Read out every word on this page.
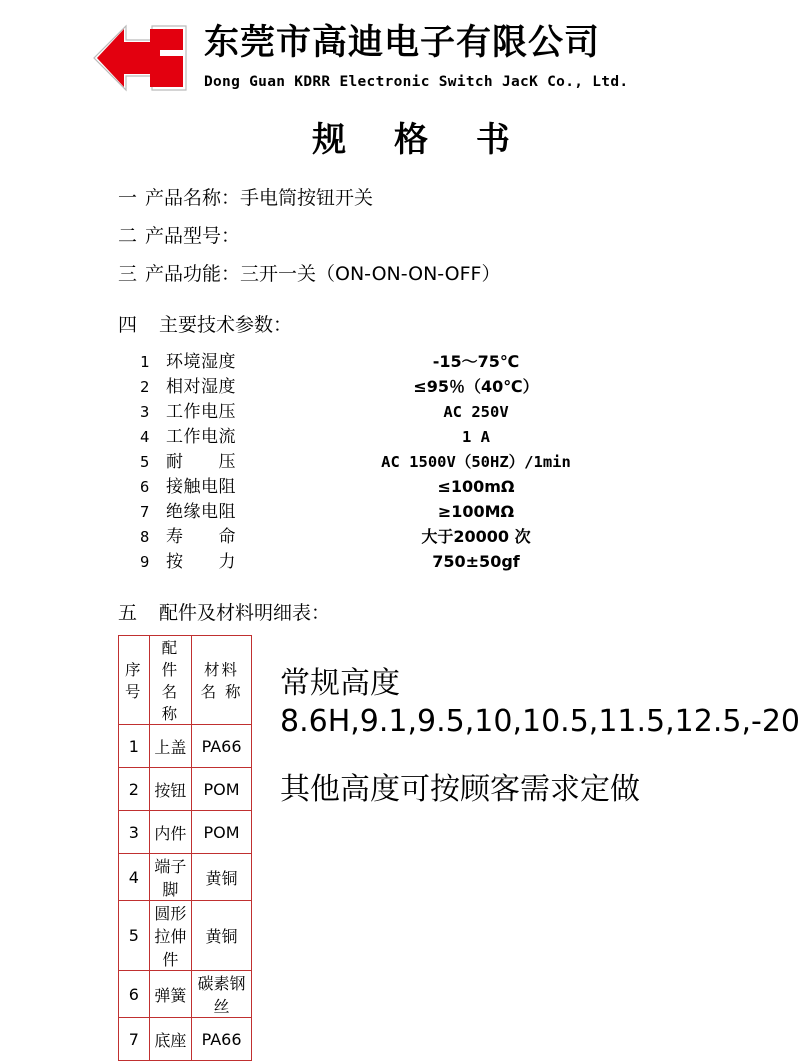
东莞市高迪电子有限公司
Dong Guan KDRR Electronic Switch JacK Co., Ltd.
规 格 书
一 产品名称：手电筒按钮开关
二 产品型号：
三 产品功能：三开一关（ON-ON-ON-OFF）
四 主要技术参数：
1 环境湿度	-15～75℃
2 相对湿度	≤95％（40℃）
3 工作电压	AC 250V
4 工作电流	1 A
5 耐　　压	AC 1500V（50HZ）/1min
6 接触电阻	≤100mΩ
7 绝缘电阻	≥100MΩ
8 寿　　命	大于20000 次
9 按　　力	750±50gf
五 配件及材料明细表：
序号	配件名 称	材料名 称
1	上盖	PA66
2	按钮	POM
3	内件	POM
4	端子脚	黄铜
5	圆形拉伸件	黄铜
6	弹簧	碳素钢丝
7	底座	PA66
常规高度 8.6H,9.1,9.5,10,10.5,11.5,12.5,-20
其他高度可按顾客需求定做
